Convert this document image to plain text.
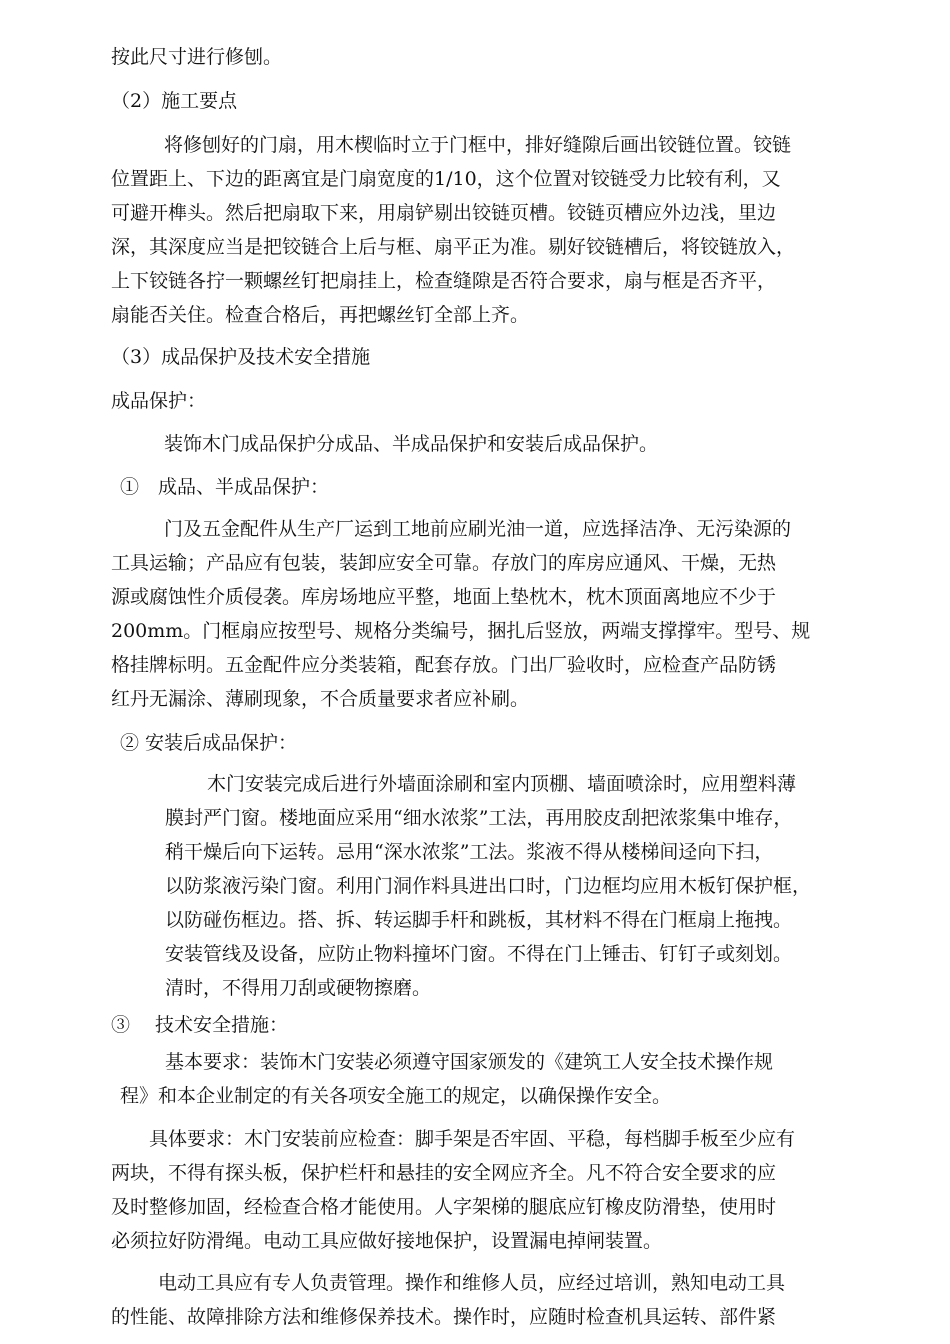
按此尺寸进行修刨。
（2）施工要点
将修刨好的门扇，用木楔临时立于门框中，排好缝隙后画出铰链位置。铰链
位置距上、下边的距离宜是门扇宽度的1/10，这个位置对铰链受力比较有利，又
可避开榫头。然后把扇取下来，用扇铲剔出铰链页槽。铰链页槽应外边浅，里边
深，其深度应当是把铰链合上后与框、扇平正为准。剔好铰链槽后，将铰链放入，
上下铰链各拧一颗螺丝钉把扇挂上，检查缝隙是否符合要求，扇与框是否齐平，
扇能否关住。检查合格后，再把螺丝钉全部上齐。
（3）成品保护及技术安全措施
成品保护：
装饰木门成品保护分成品、半成品保护和安装后成品保护。
①　成品、半成品保护：
门及五金配件从生产厂运到工地前应刷光油一道，应选择洁净、无污染源的
工具运输；产品应有包装，装卸应安全可靠。存放门的库房应通风、干燥，无热
源或腐蚀性介质侵袭。库房场地应平整，地面上垫枕木，枕木顶面离地应不少于
200mm。门框扇应按型号、规格分类编号，捆扎后竖放，两端支撑撑牢。型号、规
格挂牌标明。五金配件应分类装箱，配套存放。门出厂验收时，应检查产品防锈
红丹无漏涂、薄刷现象，不合质量要求者应补刷。
② 安装后成品保护：
木门安装完成后进行外墙面涂刷和室内顶棚、墙面喷涂时，应用塑料薄
膜封严门窗。楼地面应采用“细水浓浆”工法，再用胶皮刮把浓浆集中堆存，
稍干燥后向下运转。忌用“深水浓浆”工法。浆液不得从楼梯间迳向下扫，
以防浆液污染门窗。利用门洞作料具进出口时，门边框均应用木板钉保护框，
以防碰伤框边。搭、拆、转运脚手杆和跳板，其材料不得在门框扇上拖拽。
安装管线及设备，应防止物料撞坏门窗。不得在门上锤击、钉钉子或刻划。
清时，不得用刀刮或硬物擦磨。
③　 技术安全措施：
基本要求：装饰木门安装必须遵守国家颁发的《建筑工人安全技术操作规
程》和本企业制定的有关各项安全施工的规定，以确保操作安全。
具体要求：木门安装前应检查：脚手架是否牢固、平稳，每档脚手板至少应有
两块，不得有探头板，保护栏杆和悬挂的安全网应齐全。凡不符合安全要求的应
及时整修加固，经检查合格才能使用。人字架梯的腿底应钉橡皮防滑垫，使用时
必须拉好防滑绳。电动工具应做好接地保护，设置漏电掉闸装置。
电动工具应有专人负责管理。操作和维修人员，应经过培训，熟知电动工具
的性能、故障排除方法和维修保养技术。操作时，应随时检查机具运转、部件紧
